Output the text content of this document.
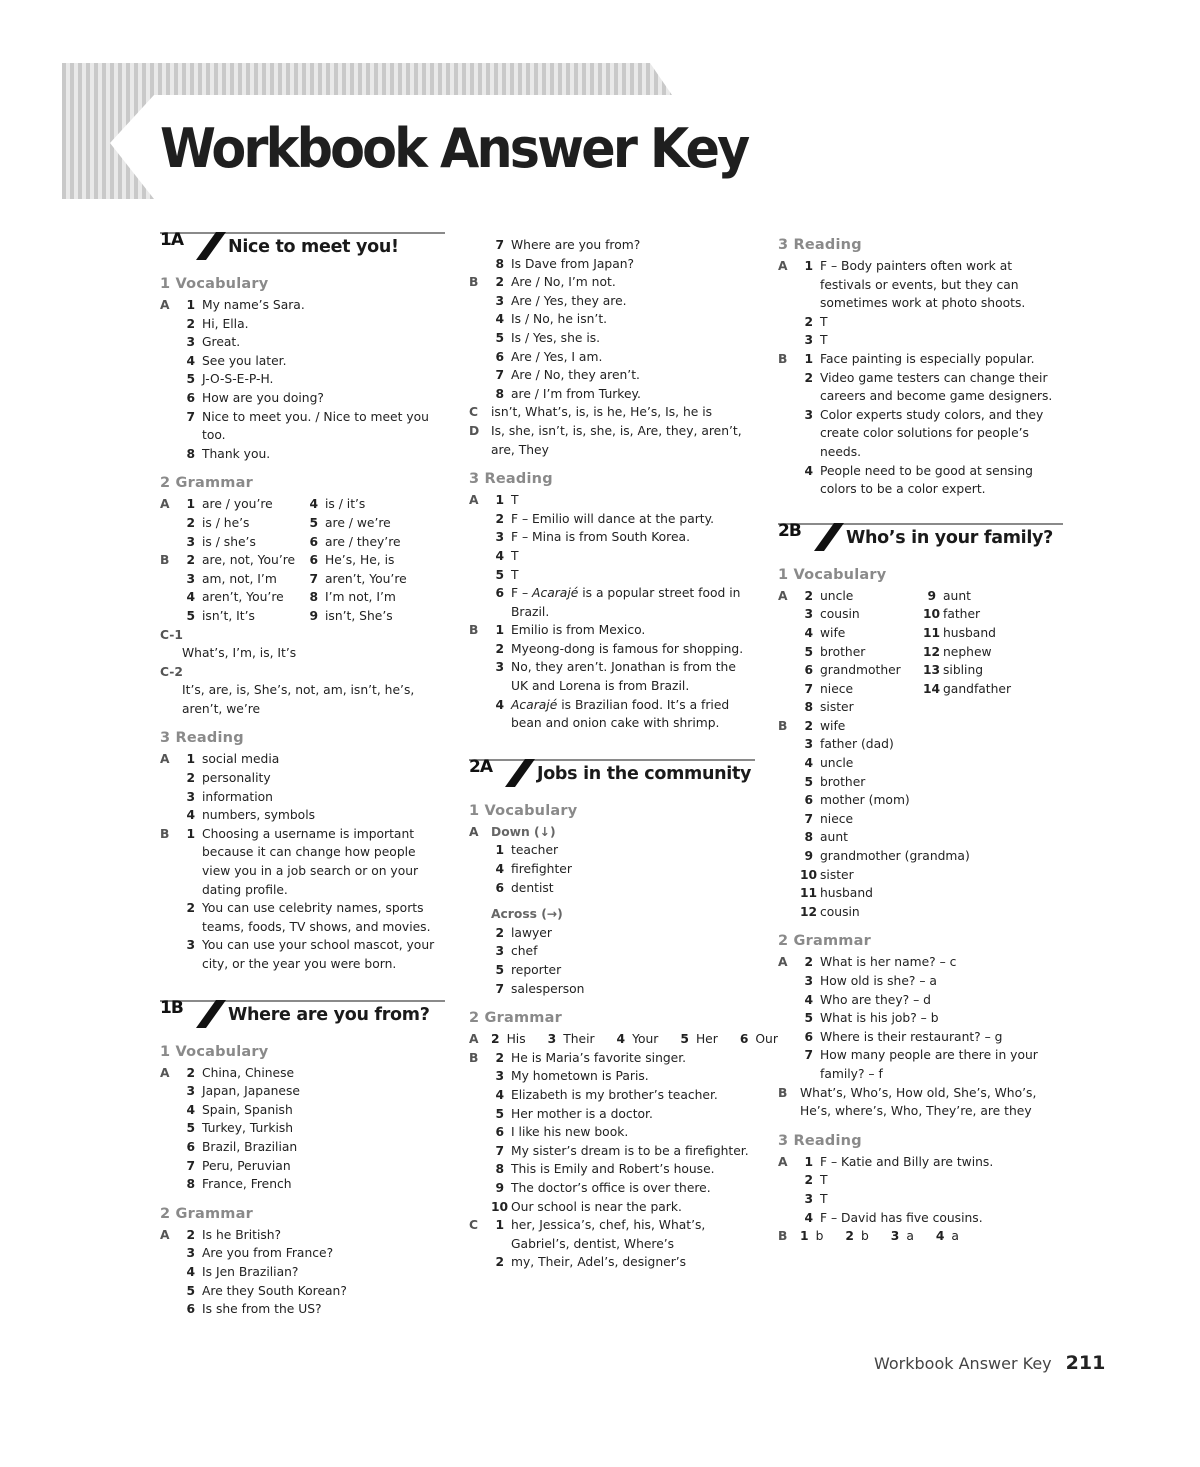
Workbook Answer Key
1A	Nice to meet you!
1 Vocabulary
A	1 My name’s Sara.
2 Hi, Ella.
3 Great.
4 See you later.
5 J-O-S-E-P-H.
6 How are you doing?
7 Nice to meet you. / Nice to meet you too.
8 Thank you.
2 Grammar
A	1 are / you’re
2 is / he’s
3 is / she’s
B	2 are, not, You’re
3 am, not, I’m
4 aren’t, You’re
5 isn’t, It’s
4 is / it’s
5 are / we’re
6 are / they’re
6 He’s, He, is
7 aren’t, You’re
8 I’m not, I’m
9 isn’t, She’s
C-1
What’s, I’m, is, It’s
C-2
It’s, are, is, She’s, not, am, isn’t, he’s, aren’t, we’re
3 Reading
A	1 social media
2 personality
3 information
4 numbers, symbols
B	1 Choosing a username is important because it can change how people view you in a job search or on your dating profile.
2 You can use celebrity names, sports teams, foods, TV shows, and movies.
3 You can use your school mascot, your city, or the year you were born.
1B	Where are you from?
1 Vocabulary
A	2 China, Chinese
3 Japan, Japanese
4 Spain, Spanish
5 Turkey, Turkish
6 Brazil, Brazilian
7 Peru, Peruvian
8 France, French
2 Grammar
A	2 Is he British?
3 Are you from France?
4 Is Jen Brazilian?
5 Are they South Korean?
6 Is she from the US?
7 Where are you from?
8 Is Dave from Japan?
B	2 Are / No, I’m not.
3 Are / Yes, they are.
4 Is / No, he isn’t.
5 Is / Yes, she is.
6 Are / Yes, I am.
7 Are / No, they aren’t.
8 are / I’m from Turkey.
C	isn’t, What’s, is, is he, He’s, Is, he is
D Is, she, isn’t, is, she, is, Are, they, aren’t, are, They
3 Reading
A	1 T
2 F – Emilio will dance at the party.
3 F – Mina is from South Korea.
4 T
5 T
6 F – Acarajé is a popular street food in Brazil.
B	1 Emilio is from Mexico.
2 Myeong-dong is famous for shopping.
3 No, they aren’t. Jonathan is from the UK and Lorena is from Brazil.
4 Acarajé is Brazilian food. It’s a fried bean and onion cake with shrimp.
2A	Jobs in the community
1 Vocabulary
A	Down (↓)
1 teacher
4 firefighter
6 dentist
Across (→)
2 lawyer
3 chef
5 reporter
7 salesperson
2 Grammar
A	2 His 3 Their 4 Your 5 Her 6 Our
B	2 He is Maria’s favorite singer.
3 My hometown is Paris.
4 Elizabeth is my brother’s teacher.
5 Her mother is a doctor.
6 I like his new book.
7 My sister’s dream is to be a firefighter.
8 This is Emily and Robert’s house.
9 The doctor’s office is over there.
10 Our school is near the park.
C	1 her, Jessica’s, chef, his, What’s, Gabriel’s, dentist, Where’s
2 my, Their, Adel’s, designer’s
3 Reading
A	1 F – Body painters often work at festivals or events, but they can sometimes work at photo shoots.
2 T
3 T
B	1 Face painting is especially popular.
2 Video game testers can change their careers and become game designers.
3 Color experts study colors, and they create color solutions for people’s needs.
4 People need to be good at sensing colors to be a color expert.
2B	Who’s in your family?
1 Vocabulary
A	2 uncle
3 cousin
4 wife
5 brother
6 grandmother
7 niece
8 sister
9 aunt
10 father
11 husband
12 nephew
13 sibling
14 gandfather
B	2 wife
3 father (dad)
4 uncle
5 brother
6 mother (mom)
7 niece
8 aunt
9 grandmother (grandma)
10 sister
11 husband
12 cousin
2 Grammar
A	2 What is her name? – c
3 How old is she? – a
4 Who are they? – d
5 What is his job? – b
6 Where is their restaurant? – g
7 How many people are there in your family? – f
B	What’s, Who’s, How old, She’s, Who’s, He’s, where’s, Who, They’re, are they
3 Reading
A	1 F – Katie and Billy are twins.
2 T
3 T
4 F – David has five cousins.
B	1 b 2 b 3 a 4 a
Workbook Answer Key 211
